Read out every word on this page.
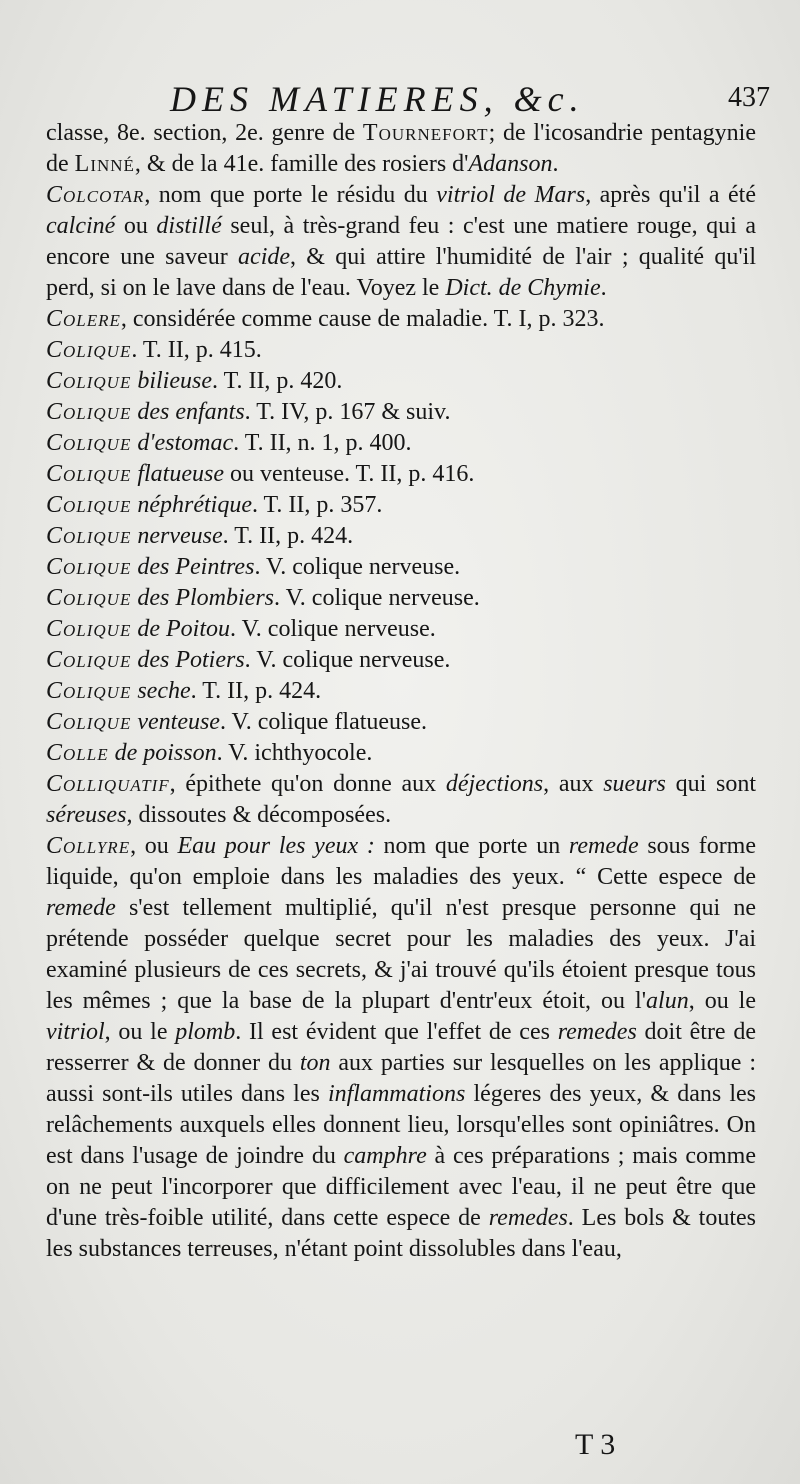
DES MATIERES, &c.	437
classe, 8e. section, 2e. genre de Tournefort; de l'icosandrie pentagynie de Linné, & de la 41e. famille des rosiers d'Adanson.
Colcotar, nom que porte le résidu du vitriol de Mars, après qu'il a été calciné ou distillé seul, à très-grand feu : c'est une matiere rouge, qui a encore une saveur acide, & qui attire l'humidité de l'air ; qualité qu'il perd, si on le lave dans de l'eau. Voyez le Dict. de Chymie.
Colere, considérée comme cause de maladie. T. I, p. 323.
Colique. T. II, p. 415.
Colique bilieuse. T. II, p. 420.
Colique des enfants. T. IV, p. 167 & suiv.
Colique d'estomac. T. II, n. 1, p. 400.
Colique flatueuse ou venteuse. T. II, p. 416.
Colique néphrétique. T. II, p. 357.
Colique nerveuse. T. II, p. 424.
Colique des Peintres. V. colique nerveuse.
Colique des Plombiers. V. colique nerveuse.
Colique de Poitou. V. colique nerveuse.
Colique des Potiers. V. colique nerveuse.
Colique seche. T. II, p. 424.
Colique venteuse. V. colique flatueuse.
Colle de poisson. V. ichthyocole.
Colliquatif, épithete qu'on donne aux déjections, aux sueurs qui sont séreuses, dissoutes & décomposées.
Collyre, ou Eau pour les yeux : nom que porte un remede sous forme liquide, qu'on emploie dans les maladies des yeux. “ Cette espece de remede s'est tellement multiplié, qu'il n'est presque personne qui ne prétende posséder quelque secret pour les maladies des yeux. J'ai examiné plusieurs de ces secrets, & j'ai trouvé qu'ils étoient presque tous les mêmes ; que la base de la plupart d'entr'eux étoit, ou l'alun, ou le vitriol, ou le plomb. Il est évident que l'effet de ces remedes doit être de resserrer & de donner du ton aux parties sur lesquelles on les applique : aussi sont-ils utiles dans les inflammations légeres des yeux, & dans les relâchements auxquels elles donnent lieu, lorsqu'elles sont opiniâtres. On est dans l'usage de joindre du camphre à ces préparations ; mais comme on ne peut l'incorporer que difficilement avec l'eau, il ne peut être que d'une très-foible utilité, dans cette espece de remedes. Les bols & toutes les substances terreuses, n'étant point dissolubles dans l'eau,
T 3
